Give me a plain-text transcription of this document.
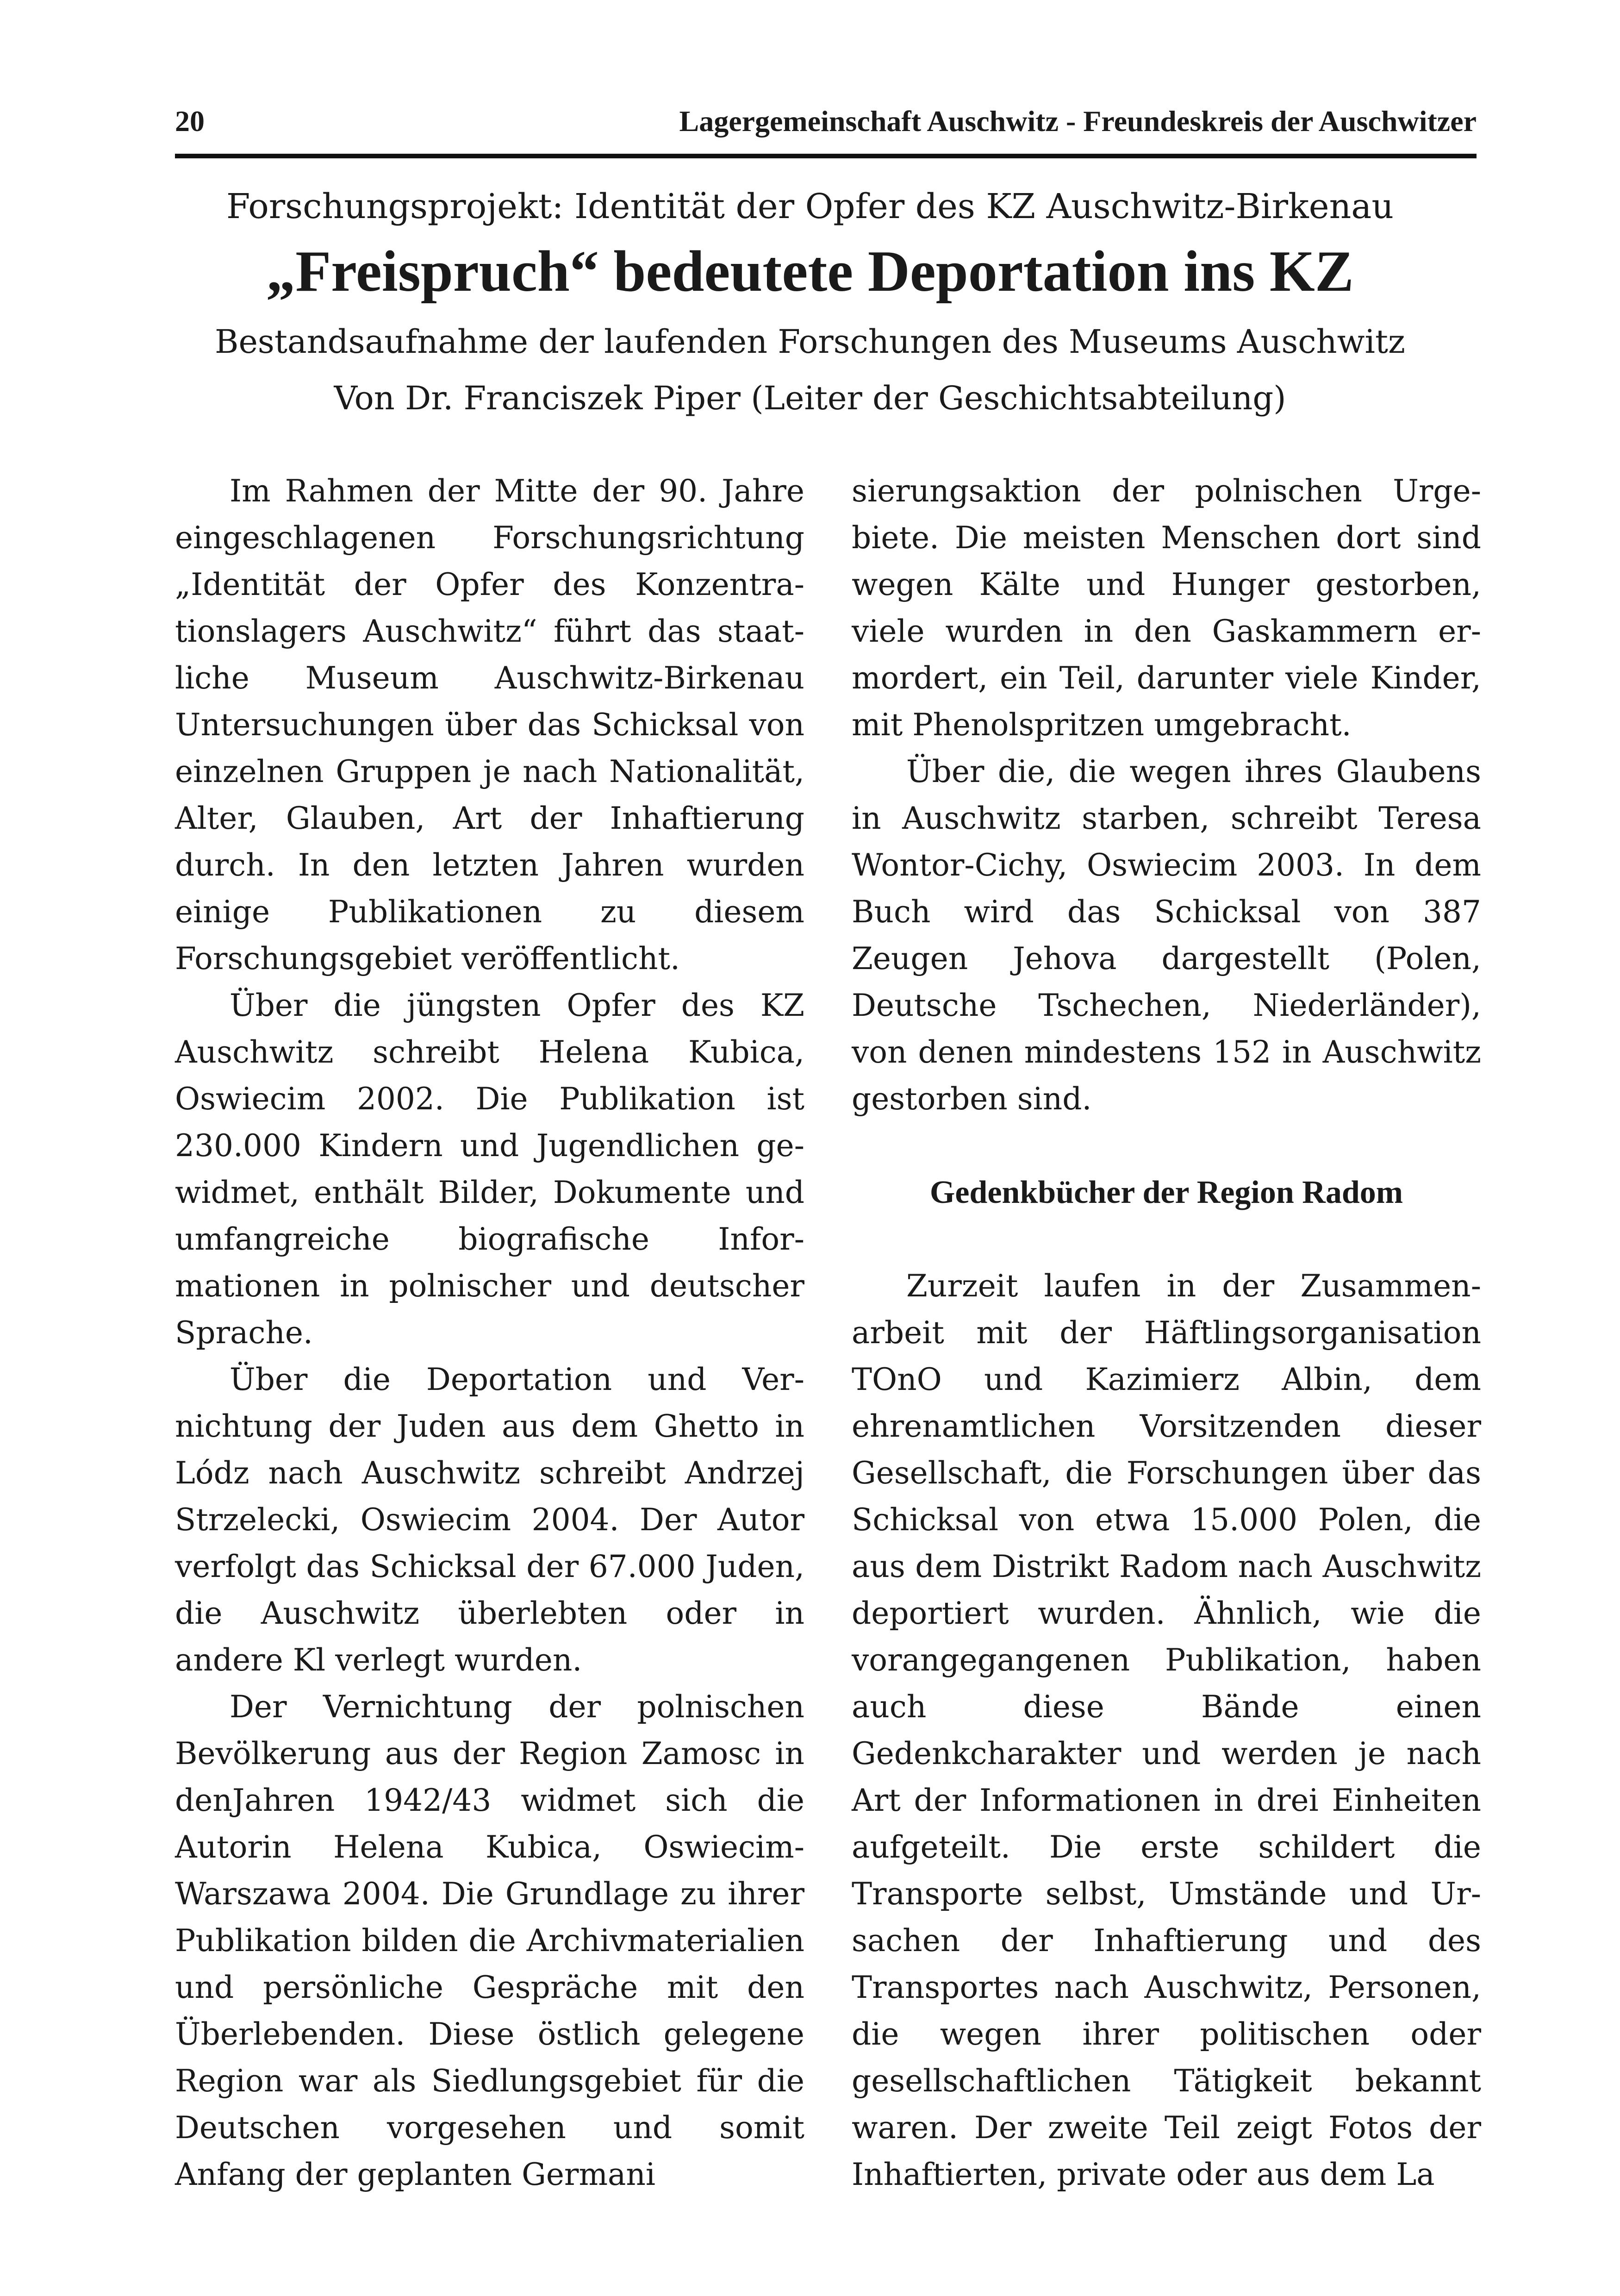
20	Lagergemeinschaft Auschwitz - Freundeskreis der Auschwitzer
Forschungsprojekt: Identität der Opfer des KZ Auschwitz-Birkenau
„Freispruch“ bedeutete Deportation ins KZ
Bestandsaufnahme der laufenden Forschungen des Museums Auschwitz
Von Dr. Franciszek Piper (Leiter der Geschichtsabteilung)

Im Rahmen der Mitte der 90. Jahre eingeschlagenen Forschungsrichtung „Identität der Opfer des Konzentrationslagers Auschwitz“ führt das staatliche Museum Auschwitz-Birkenau Untersuchungen über das Schicksal von einzelnen Gruppen je nach Nationalität, Alter, Glauben, Art der Inhaftierung durch. In den letzten Jahren wurden einige Publikationen zu diesem Forschungsgebiet veröffentlicht.

Über die jüngsten Opfer des KZ Auschwitz schreibt Helena Kubica, Oswiecim 2002. Die Publikation ist 230.000 Kindern und Jugendlichen gewidmet, enthält Bilder, Dokumente und umfangreiche biografische Informationen in polnischer und deutscher Sprache.

Über die Deportation und Vernichtung der Juden aus dem Ghetto in Lódz nach Auschwitz schreibt Andrzej Strzelecki, Oswiecim 2004. Der Autor verfolgt das Schicksal der 67.000 Juden, die Auschwitz überlebten oder in andere Kl verlegt wurden.

Der Vernichtung der polnischen Bevölkerung aus der Region Zamosc in denJahren 1942/43 widmet sich die Autorin Helena Kubica, Oswiecim-Warszawa 2004. Die Grundlage zu ihrer Publikation bilden die Archivmaterialien und persönliche Gespräche mit den Überlebenden. Diese östlich gelegene Region war als Siedlungsgebiet für die Deutschen vorgesehen und somit Anfang der geplanten Germani

sierungsaktion der polnischen Urgebiete. Die meisten Menschen dort sind wegen Kälte und Hunger gestorben, viele wurden in den Gaskammern ermordert, ein Teil, darunter viele Kinder, mit Phenolspritzen umgebracht.

Über die, die wegen ihres Glaubens in Auschwitz starben, schreibt Teresa Wontor-Cichy, Oswiecim 2003. In dem Buch wird das Schicksal von 387 Zeugen Jehova dargestellt (Polen, Deutsche Tschechen, Niederländer), von denen mindestens 152 in Auschwitz gestorben sind.

Gedenkbücher der Region Radom

Zurzeit laufen in der Zusammenarbeit mit der Häftlingsorganisation TOnO und Kazimierz Albin, dem ehrenamtlichen Vorsitzenden dieser Gesellschaft, die Forschungen über das Schicksal von etwa 15.000 Polen, die aus dem Distrikt Radom nach Auschwitz deportiert wurden. Ähnlich, wie die vorangegangenen Publikation, haben auch diese Bände einen Gedenkcharakter und werden je nach Art der Informationen in drei Einheiten aufgeteilt. Die erste schildert die Transporte selbst, Umstände und Ursachen der Inhaftierung und des Transportes nach Auschwitz, Personen, die wegen ihrer politischen oder gesellschaftlichen Tätigkeit bekannt waren. Der zweite Teil zeigt Fotos der Inhaftierten, private oder aus dem La
